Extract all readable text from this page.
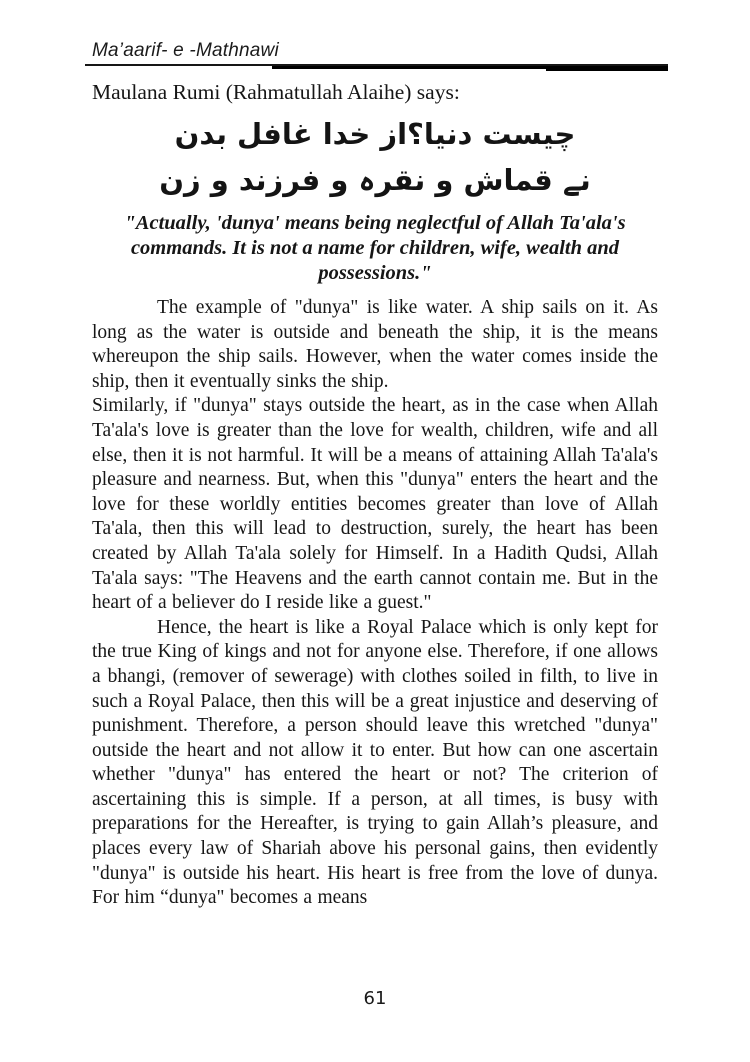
Ma’aarif- e -Mathnawi

Maulana Rumi (Rahmatullah Alaihe) says:

چیست دنیا؟از خدا غافل بدن
نے قماش و نقرہ و فرزند و زن

"Actually, 'dunya' means being neglectful of Allah Ta'ala's commands. It is not a name for children, wife, wealth and possessions."

The example of "dunya" is like water. A ship sails on it. As long as the water is outside and beneath the ship, it is the means whereupon the ship sails. However, when the water comes inside the ship, then it eventually sinks the ship.

Similarly, if "dunya" stays outside the heart, as in the case when Allah Ta'ala's love is greater than the love for wealth, children, wife and all else, then it is not harmful. It will be a means of attaining Allah Ta'ala's pleasure and nearness. But, when this "dunya" enters the heart and the love for these worldly entities becomes greater than love of Allah Ta'ala, then this will lead to destruction, surely, the heart has been created by Allah Ta'ala solely for Himself. In a Hadith Qudsi, Allah Ta'ala says: "The Heavens and the earth cannot contain me. But in the heart of a believer do I reside like a guest."

Hence, the heart is like a Royal Palace which is only kept for the true King of kings and not for anyone else. Therefore, if one allows a bhangi, (remover of sewerage) with clothes soiled in filth, to live in such a Royal Palace, then this will be a great injustice and deserving of punishment. Therefore, a person should leave this wretched "dunya" outside the heart and not allow it to enter. But how can one ascertain whether "dunya" has entered the heart or not? The criterion of ascertaining this is simple. If a person, at all times, is busy with preparations for the Hereafter, is trying to gain Allah’s pleasure, and places every law of Shariah above his personal gains, then evidently "dunya" is outside his heart. His heart is free from the love of dunya. For him “dunya" becomes a means

61
